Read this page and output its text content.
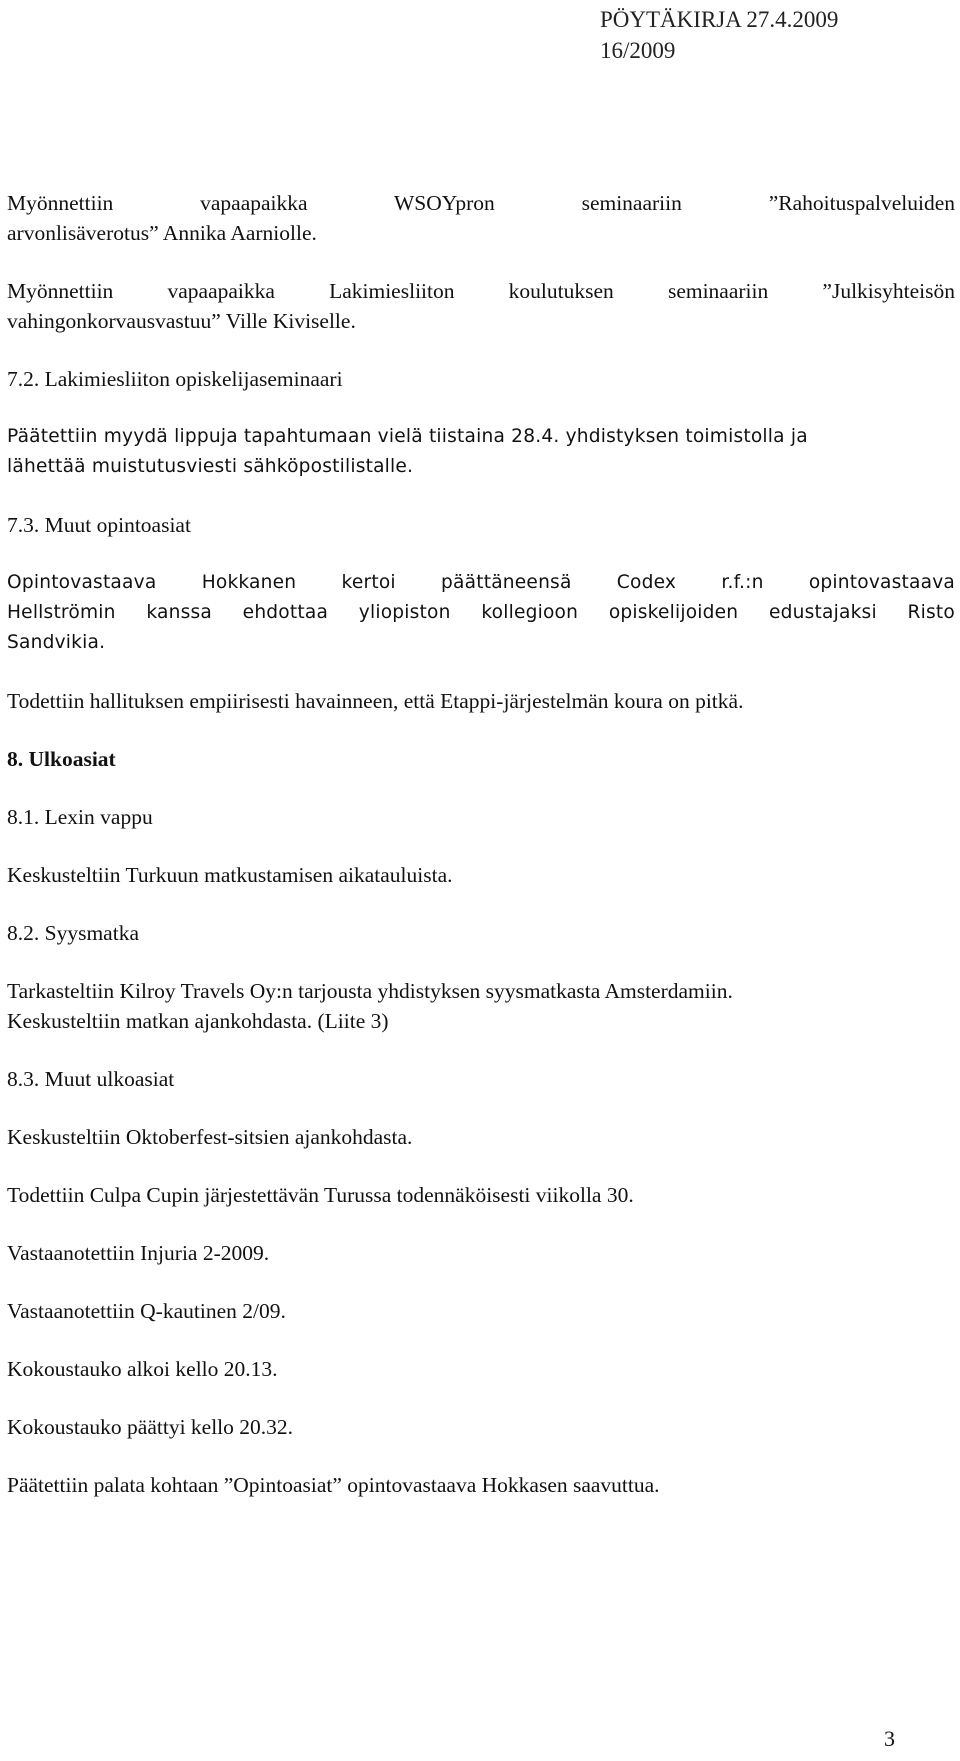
PÖYTÄKIRJA 27.4.2009
16/2009

Myönnettiin vapaapaikka WSOYpron seminaariin ”Rahoituspalveluiden
arvonlisäverotus” Annika Aarniolle.

Myönnettiin vapaapaikka Lakimiesliiton koulutuksen seminaariin ”Julkisyhteisön
vahingonkorvausvastuu” Ville Kiviselle.

7.2. Lakimiesliiton opiskelijaseminaari

Päätettiin myydä lippuja tapahtumaan vielä tiistaina 28.4. yhdistyksen toimistolla ja
lähettää muistutusviesti sähköpostilistalle.

7.3. Muut opintoasiat

Opintovastaava Hokkanen kertoi päättäneensä Codex r.f.:n opintovastaava
Hellströmin kanssa ehdottaa yliopiston kollegioon opiskelijoiden edustajaksi Risto
Sandvikia.

Todettiin hallituksen empiirisesti havainneen, että Etappi-järjestelmän koura on pitkä.

8. Ulkoasiat

8.1. Lexin vappu

Keskusteltiin Turkuun matkustamisen aikatauluista.

8.2. Syysmatka

Tarkasteltiin Kilroy Travels Oy:n tarjousta yhdistyksen syysmatkasta Amsterdamiin.
Keskusteltiin matkan ajankohdasta. (Liite 3)

8.3. Muut ulkoasiat

Keskusteltiin Oktoberfest-sitsien ajankohdasta.

Todettiin Culpa Cupin järjestettävän Turussa todennäköisesti viikolla 30.

Vastaanotettiin Injuria 2-2009.

Vastaanotettiin Q-kautinen 2/09.

Kokoustauko alkoi kello 20.13.

Kokoustauko päättyi kello 20.32.

Päätettiin palata kohtaan ”Opintoasiat” opintovastaava Hokkasen saavuttua.

3
